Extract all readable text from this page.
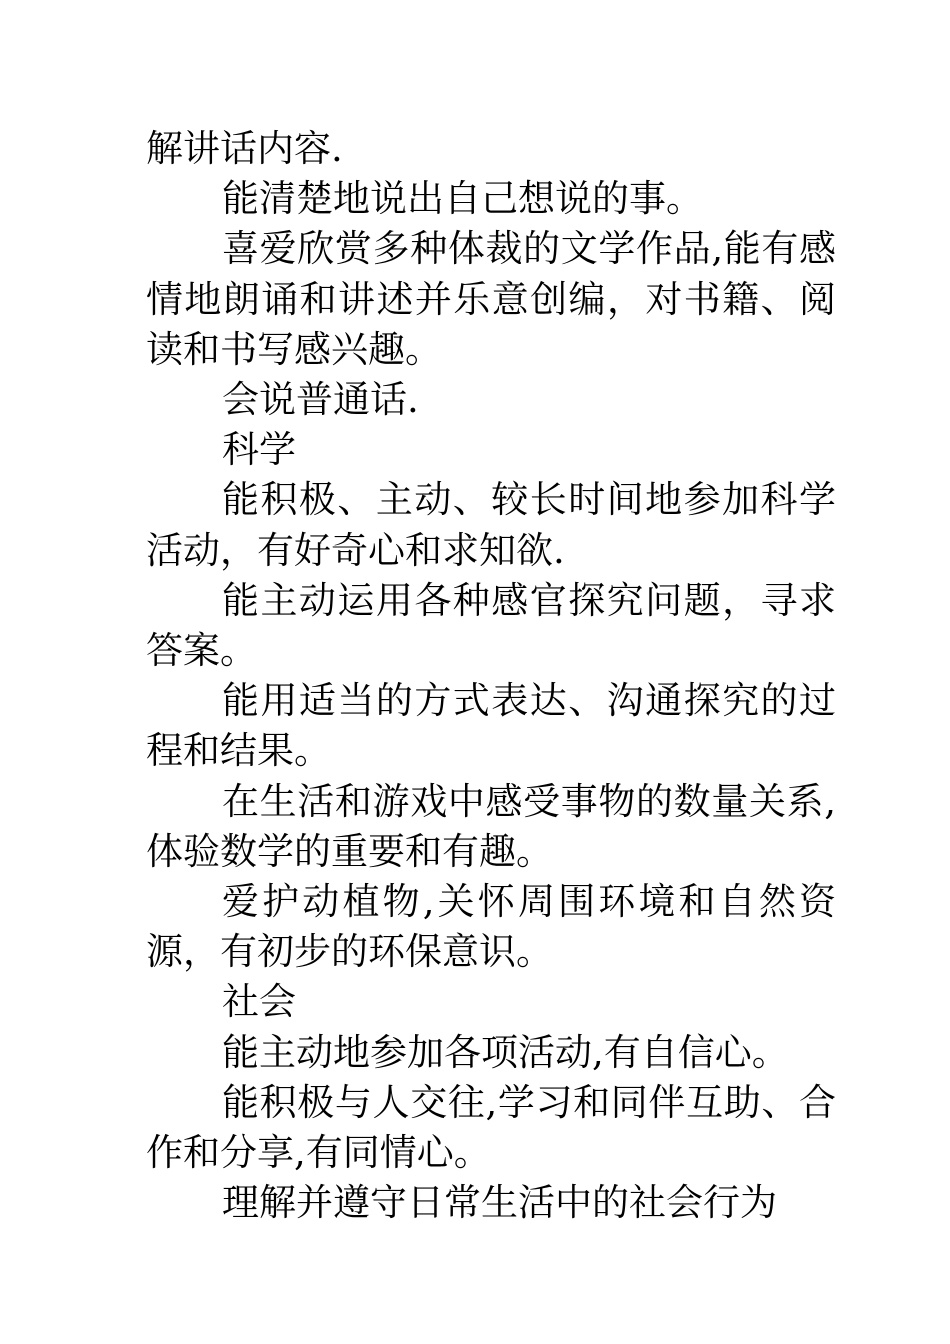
解讲话内容.

能清楚地说出自己想说的事。

喜爱欣赏多种体裁的文学作品,能有感情地朗诵和讲述并乐意创编，对书籍、阅读和书写感兴趣。

会说普通话.

科学

能积极、主动、较长时间地参加科学活动，有好奇心和求知欲.

能主动运用各种感官探究问题，寻求答案。

能用适当的方式表达、沟通探究的过程和结果。

在生活和游戏中感受事物的数量关系,体验数学的重要和有趣。

爱护动植物,关怀周围环境和自然资源，有初步的环保意识。

社会

能主动地参加各项活动,有自信心。

能积极与人交往,学习和同伴互助、合作和分享,有同情心。

理解并遵守日常生活中的社会行为
